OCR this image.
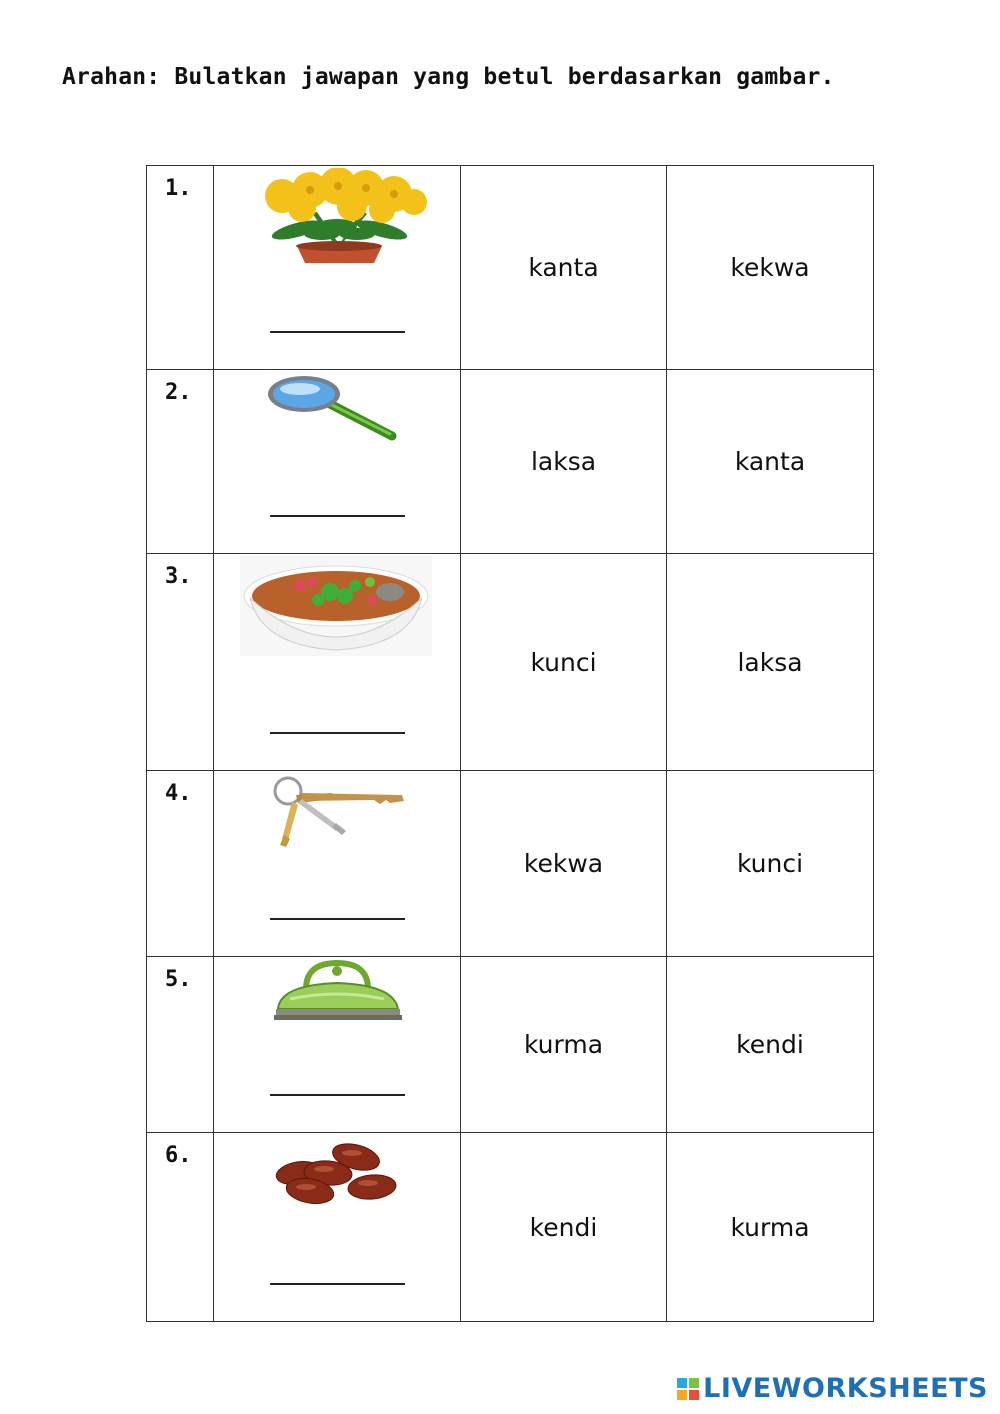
Arahan: Bulatkan jawapan yang betul berdasarkan gambar.

1.		kanta	kekwa

2.		laksa	kanta

3.		kunci	laksa

4.		kekwa	kunci

5.		kurma	kendi

6.		kendi	kurma
LIVEWORKSHEETS
